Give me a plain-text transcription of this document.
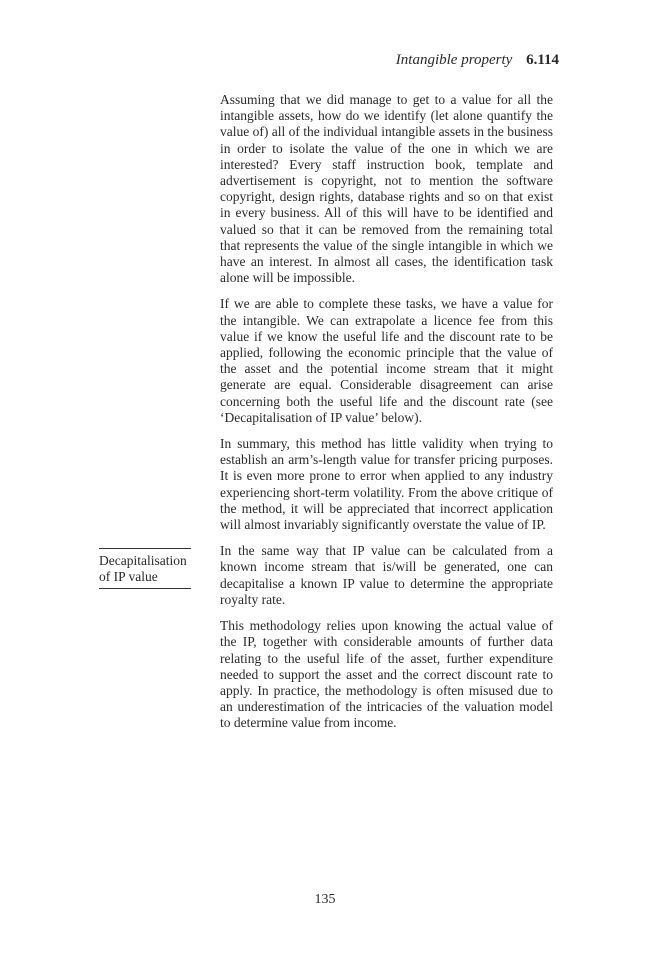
Intangible property 6.114
Decapitalisation
of IP value

Assuming that we did manage to get to a value for all the intangible assets, how do we identify (let alone quantify the value of) all of the individual intangible assets in the business in order to isolate the value of the one in which we are interested? Every staff instruction book, template and advertisement is copyright, not to mention the software copyright, design rights, database rights and so on that exist in every business. All of this will have to be identified and valued so that it can be removed from the remaining total that represents the value of the single intangible in which we have an interest. In almost all cases, the identification task alone will be impossible.

If we are able to complete these tasks, we have a value for the intangible. We can extrapolate a licence fee from this value if we know the useful life and the discount rate to be applied, following the economic principle that the value of the asset and the potential income stream that it might generate are equal. Considerable disagreement can arise concerning both the useful life and the discount rate (see ‘Decapitalisation of IP value’ below).

In summary, this method has little validity when trying to establish an arm’s-length value for transfer pricing purposes. It is even more prone to error when applied to any industry experiencing short-term volatility. From the above critique of the method, it will be appreciated that incorrect application will almost invariably significantly overstate the value of IP.

In the same way that IP value can be calculated from a known income stream that is/will be generated, one can decapitalise a known IP value to determine the appropriate royalty rate.

This methodology relies upon knowing the actual value of the IP, together with considerable amounts of further data relating to the useful life of the asset, further expenditure needed to support the asset and the correct discount rate to apply. In practice, the methodology is often misused due to an underestimation of the intricacies of the valuation model to determine value from income.

135
